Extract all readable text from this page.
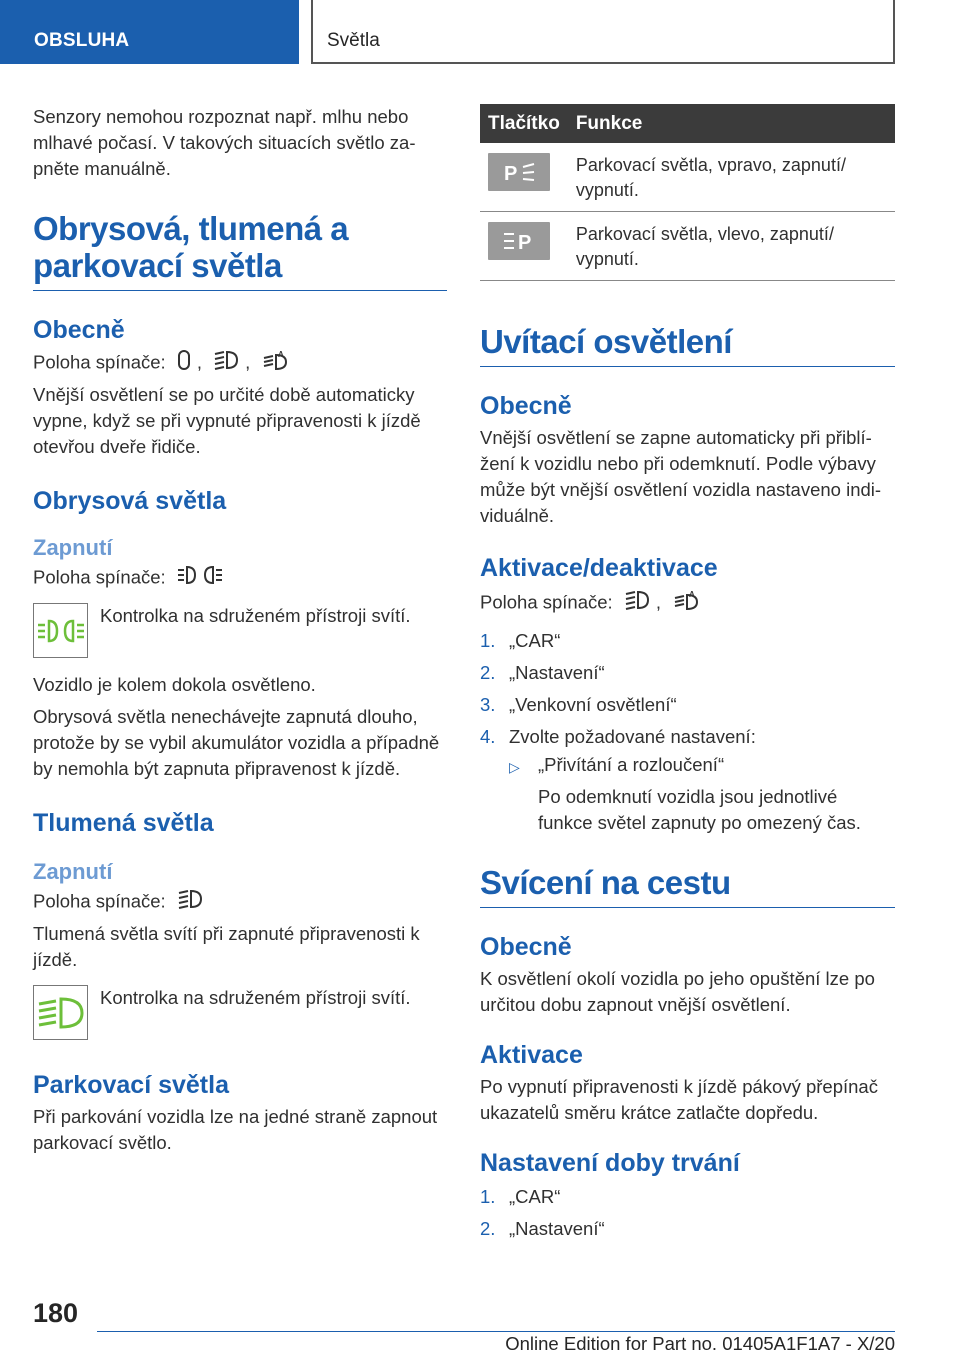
OBSLUHA	Světla

Senzory nemohou rozpoznat např. mlhu nebo mlhavé počasí. V takových situacích světlo zapněte manuálně.

Obrysová, tlumená a parkovací světla
Obecně

Poloha spínače: , ,	A

Vnější osvětlení se po určité době automaticky vypne, když se při vypnuté připravenosti k jízdě otevřou dveře řidiče.

Obrysová světla
Zapnutí

Poloha spínače:

Kontrolka na sdruženém přístroji svítí.

Vozidlo je kolem dokola osvětleno.

Obrysová světla nenechávejte zapnutá dlouho, protože by se vybil akumulátor vozidla a případně by nemohla být zapnuta připravenost k jízdě.

Tlumená světla
Zapnutí

Poloha spínače:

Tlumená světla svítí při zapnuté připravenosti k jízdě.

Kontrolka na sdruženém přístroji svítí.

Parkovací světla

Při parkování vozidla lze na jedné straně zapnout parkovací světlo.

Tlačítko	Funkce

P	Parkovací světla, vpravo, zapnutí/ vypnutí.

P	Parkovací světla, vlevo, zapnutí/ vypnutí.
Uvítací osvětlení
Obecně

Vnější osvětlení se zapne automaticky při přiblížení k vozidlu nebo při odemknutí. Podle výbavy může být vnější osvětlení vozidla nastaveno individuálně.

Aktivace/deaktivace

Poloha spínače: ,	A

1. „CAR“
2. „Nastavení“
3. „Venkovní osvětlení“
4. Zvolte požadované nastavení:
▷ „Přivítání a rozloučení“
Po odemknutí vozidla jsou jednotlivé funkce světel zapnuty po omezený čas.
Svícení na cestu
Obecně

K osvětlení okolí vozidla po jeho opuštění lze po určitou dobu zapnout vnější osvětlení.

Aktivace

Po vypnutí připravenosti k jízdě pákový přepínač ukazatelů směru krátce zatlačte dopředu.

Nastavení doby trvání
1. „CAR“
2. „Nastavení“
180
Online Edition for Part no. 01405A1F1A7 - X/20
